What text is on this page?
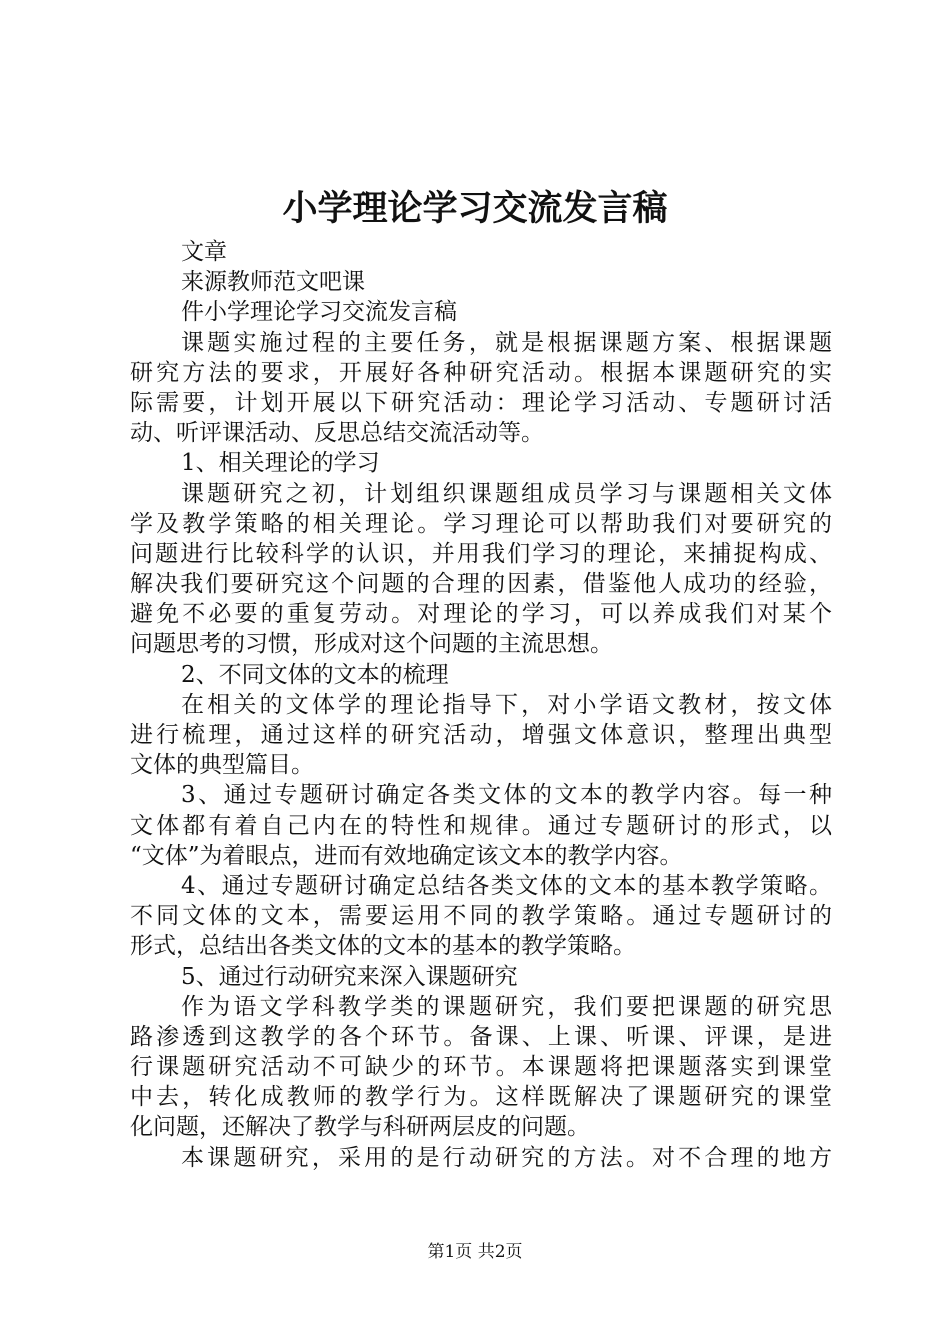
小学理论学习交流发言稿
文章
来源教师范文吧课
件小学理论学习交流发言稿
课题实施过程的主要任务，就是根据课题方案、根据课题
研究方法的要求，开展好各种研究活动。根据本课题研究的实
际需要，计划开展以下研究活动：理论学习活动、专题研讨活
动、听评课活动、反思总结交流活动等。
1、相关理论的学习
课题研究之初，计划组织课题组成员学习与课题相关文体
学及教学策略的相关理论。学习理论可以帮助我们对要研究的
问题进行比较科学的认识，并用我们学习的理论，来捕捉构成、
解决我们要研究这个问题的合理的因素，借鉴他人成功的经验，
避免不必要的重复劳动。对理论的学习，可以养成我们对某个
问题思考的习惯，形成对这个问题的主流思想。
2、不同文体的文本的梳理
在相关的文体学的理论指导下，对小学语文教材，按文体
进行梳理，通过这样的研究活动，增强文体意识，整理出典型
文体的典型篇目。
3、通过专题研讨确定各类文体的文本的教学内容。每一种
文体都有着自己内在的特性和规律。通过专题研讨的形式，以
“文体”为着眼点，进而有效地确定该文本的教学内容。
4、通过专题研讨确定总结各类文体的文本的基本教学策略。
不同文体的文本，需要运用不同的教学策略。通过专题研讨的
形式，总结出各类文体的文本的基本的教学策略。
5、通过行动研究来深入课题研究
作为语文学科教学类的课题研究，我们要把课题的研究思
路渗透到这教学的各个环节。备课、上课、听课、评课，是进
行课题研究活动不可缺少的环节。本课题将把课题落实到课堂
中去，转化成教师的教学行为。这样既解决了课题研究的课堂
化问题，还解决了教学与科研两层皮的问题。
本课题研究，采用的是行动研究的方法。对不合理的地方
第1页 共2页
